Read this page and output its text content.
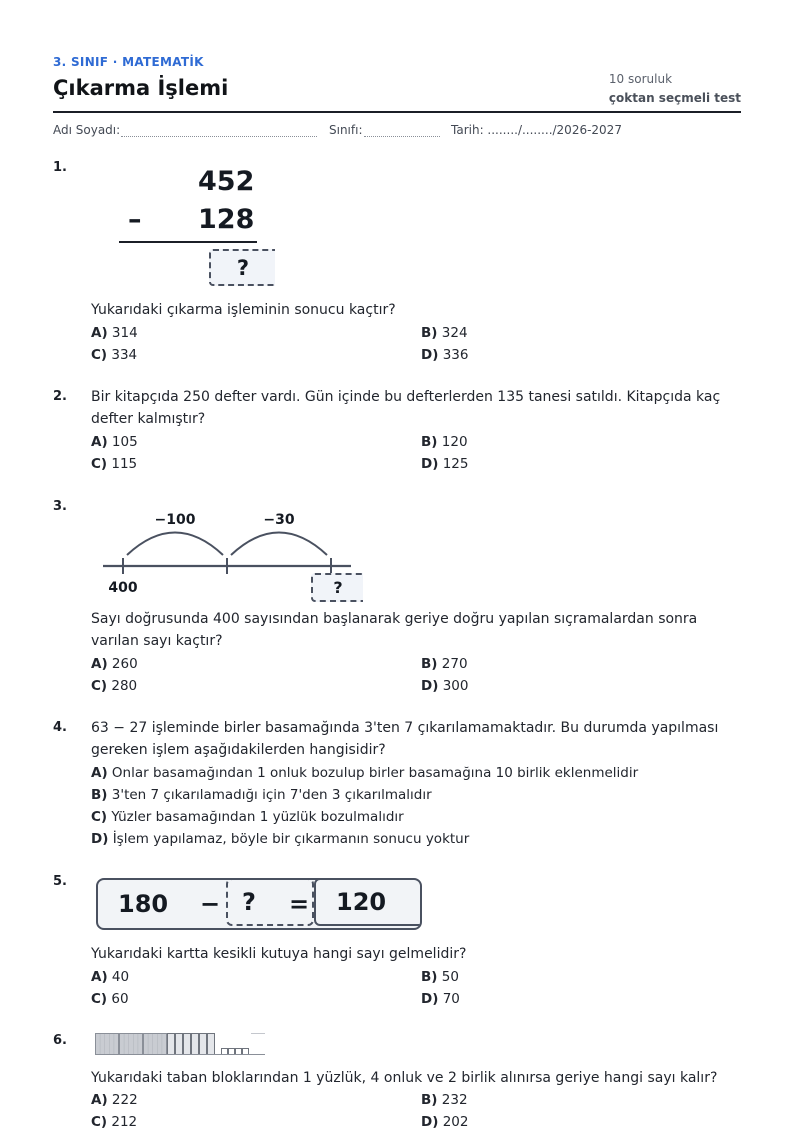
3. SINIF · MATEMATİK
Çıkarma İşlemi	10 soruluk
çoktan seçmeli test
Adı Soyadı:	Sınıfı:	Tarih: ......../......../2026-2027
1.	452
– 128
?
Yukarıdaki çıkarma işleminin sonucu kaçtır?
A) 314	B) 324
C) 334	D) 336
2. Bir kitapçıda 250 defter vardı. Gün içinde bu defterlerden 135 tanesi satıldı. Kitapçıda kaç defter kalmıştır?
A) 105	B) 120
C) 115	D) 125
3.
−100	−30
400	?
Sayı doğrusunda 400 sayısından başlanarak geriye doğru yapılan sıçramalardan sonra varılan sayı kaçtır?
A) 260	B) 270
C) 280	D) 300
4. 63 − 27 işleminde birler basamağında 3'ten 7 çıkarılamamaktadır. Bu durumda yapılması gereken işlem aşağıdakilerden hangisidir?
A) Onlar basamağından 1 onluk bozulup birler basamağına 10 birlik eklenmelidir
B) 3'ten 7 çıkarılamadığı için 7'den 3 çıkarılmalıdır
C) Yüzler basamağından 1 yüzlük bozulmalıdır
D) İşlem yapılamaz, böyle bir çıkarmanın sonucu yoktur
5.
180 − ? = 120
Yukarıdaki kartta kesikli kutuya hangi sayı gelmelidir?
A) 40	B) 50
C) 60	D) 70
6.
Yukarıdaki taban bloklarından 1 yüzlük, 4 onluk ve 2 birlik alınırsa geriye hangi sayı kalır?
A) 222	B) 232
C) 212	D) 202
